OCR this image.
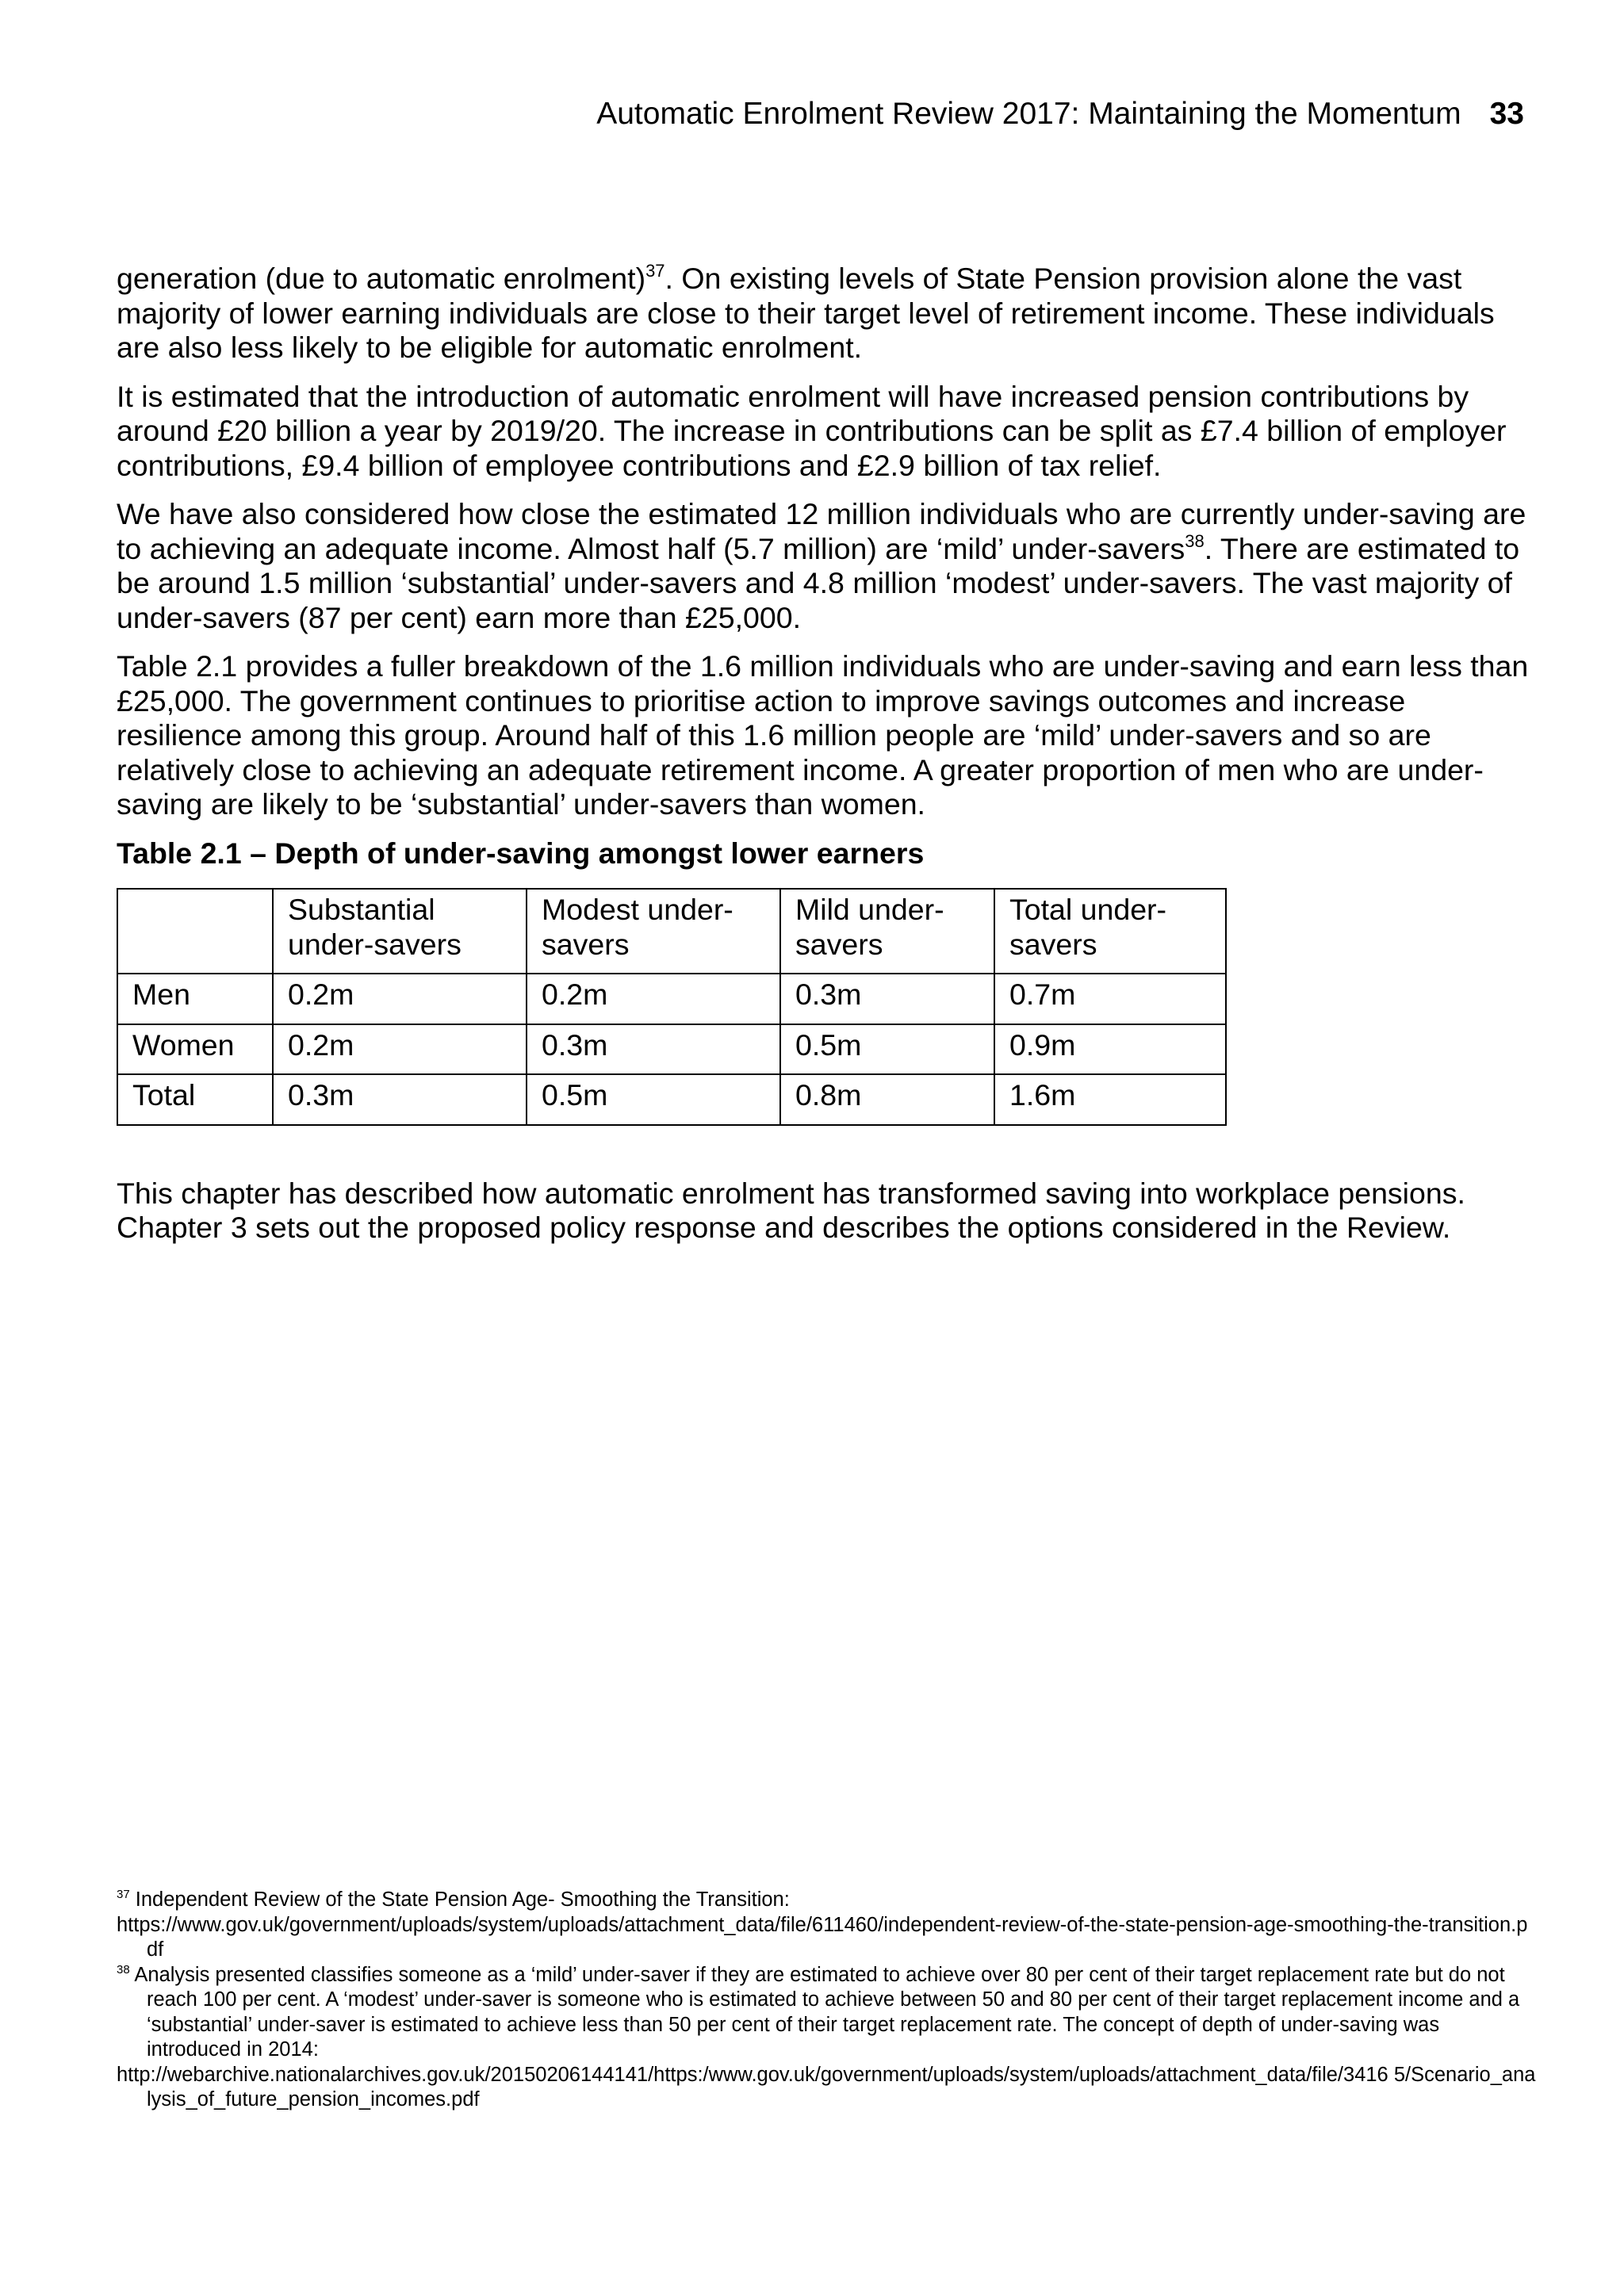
Automatic Enrolment Review 2017: Maintaining the Momentum 33

generation (due to automatic enrolment)$^{37}$. On existing levels of State Pension provision alone the vast majority of lower earning individuals are close to their target level of retirement income. These individuals are also less likely to be eligible for automatic enrolment.

It is estimated that the introduction of automatic enrolment will have increased pension contributions by around £20 billion a year by 2019/20. The increase in contributions can be split as £7.4 billion of employer contributions, £9.4 billion of employee contributions and £2.9 billion of tax relief.

We have also considered how close the estimated 12 million individuals who are currently under-saving are to achieving an adequate income. Almost half (5.7 million) are ‘mild’ under-savers$^{38}$. There are estimated to be around 1.5 million ‘substantial’ under-savers and 4.8 million ‘modest’ under-savers. The vast majority of under-savers (87 per cent) earn more than £25,000.

Table 2.1 provides a fuller breakdown of the 1.6 million individuals who are under-saving and earn less than £25,000. The government continues to prioritise action to improve savings outcomes and increase resilience among this group. Around half of this 1.6 million people are ‘mild’ under-savers and so are relatively close to achieving an adequate retirement income. A greater proportion of men who are under-saving are likely to be ‘substantial’ under-savers than women.

Table 2.1 – Depth of under-saving amongst lower earners
	Substantial under-savers	Modest under-savers	Mild under-savers	Total under-savers
Men	0.2m	0.2m	0.3m	0.7m
Women	0.2m	0.3m	0.5m	0.9m
Total	0.3m	0.5m	0.8m	1.6m

This chapter has described how automatic enrolment has transformed saving into workplace pensions. Chapter 3 sets out the proposed policy response and describes the options considered in the Review.

$^{37}$ Independent Review of the State Pension Age- Smoothing the Transition:
https://www.gov.uk/government/uploads/system/uploads/attachment_data/file/611460/independent-review-of-the-state-pension-age-smoothing-the-transition.pdf
$^{38}$ Analysis presented classifies someone as a ‘mild’ under-saver if they are estimated to achieve over 80 per cent of their target replacement rate but do not reach 100 per cent. A ‘modest’ under-saver is someone who is estimated to achieve between 50 and 80 per cent of their target replacement income and a ‘substantial’ under-saver is estimated to achieve less than 50 per cent of their target replacement rate. The concept of depth of under-saving was introduced in 2014:
http://webarchive.nationalarchives.gov.uk/20150206144141/https:/www.gov.uk/government/uploads/system/uploads/attachment_data/file/3416 5/Scenario_analysis_of_future_pension_incomes.pdf
